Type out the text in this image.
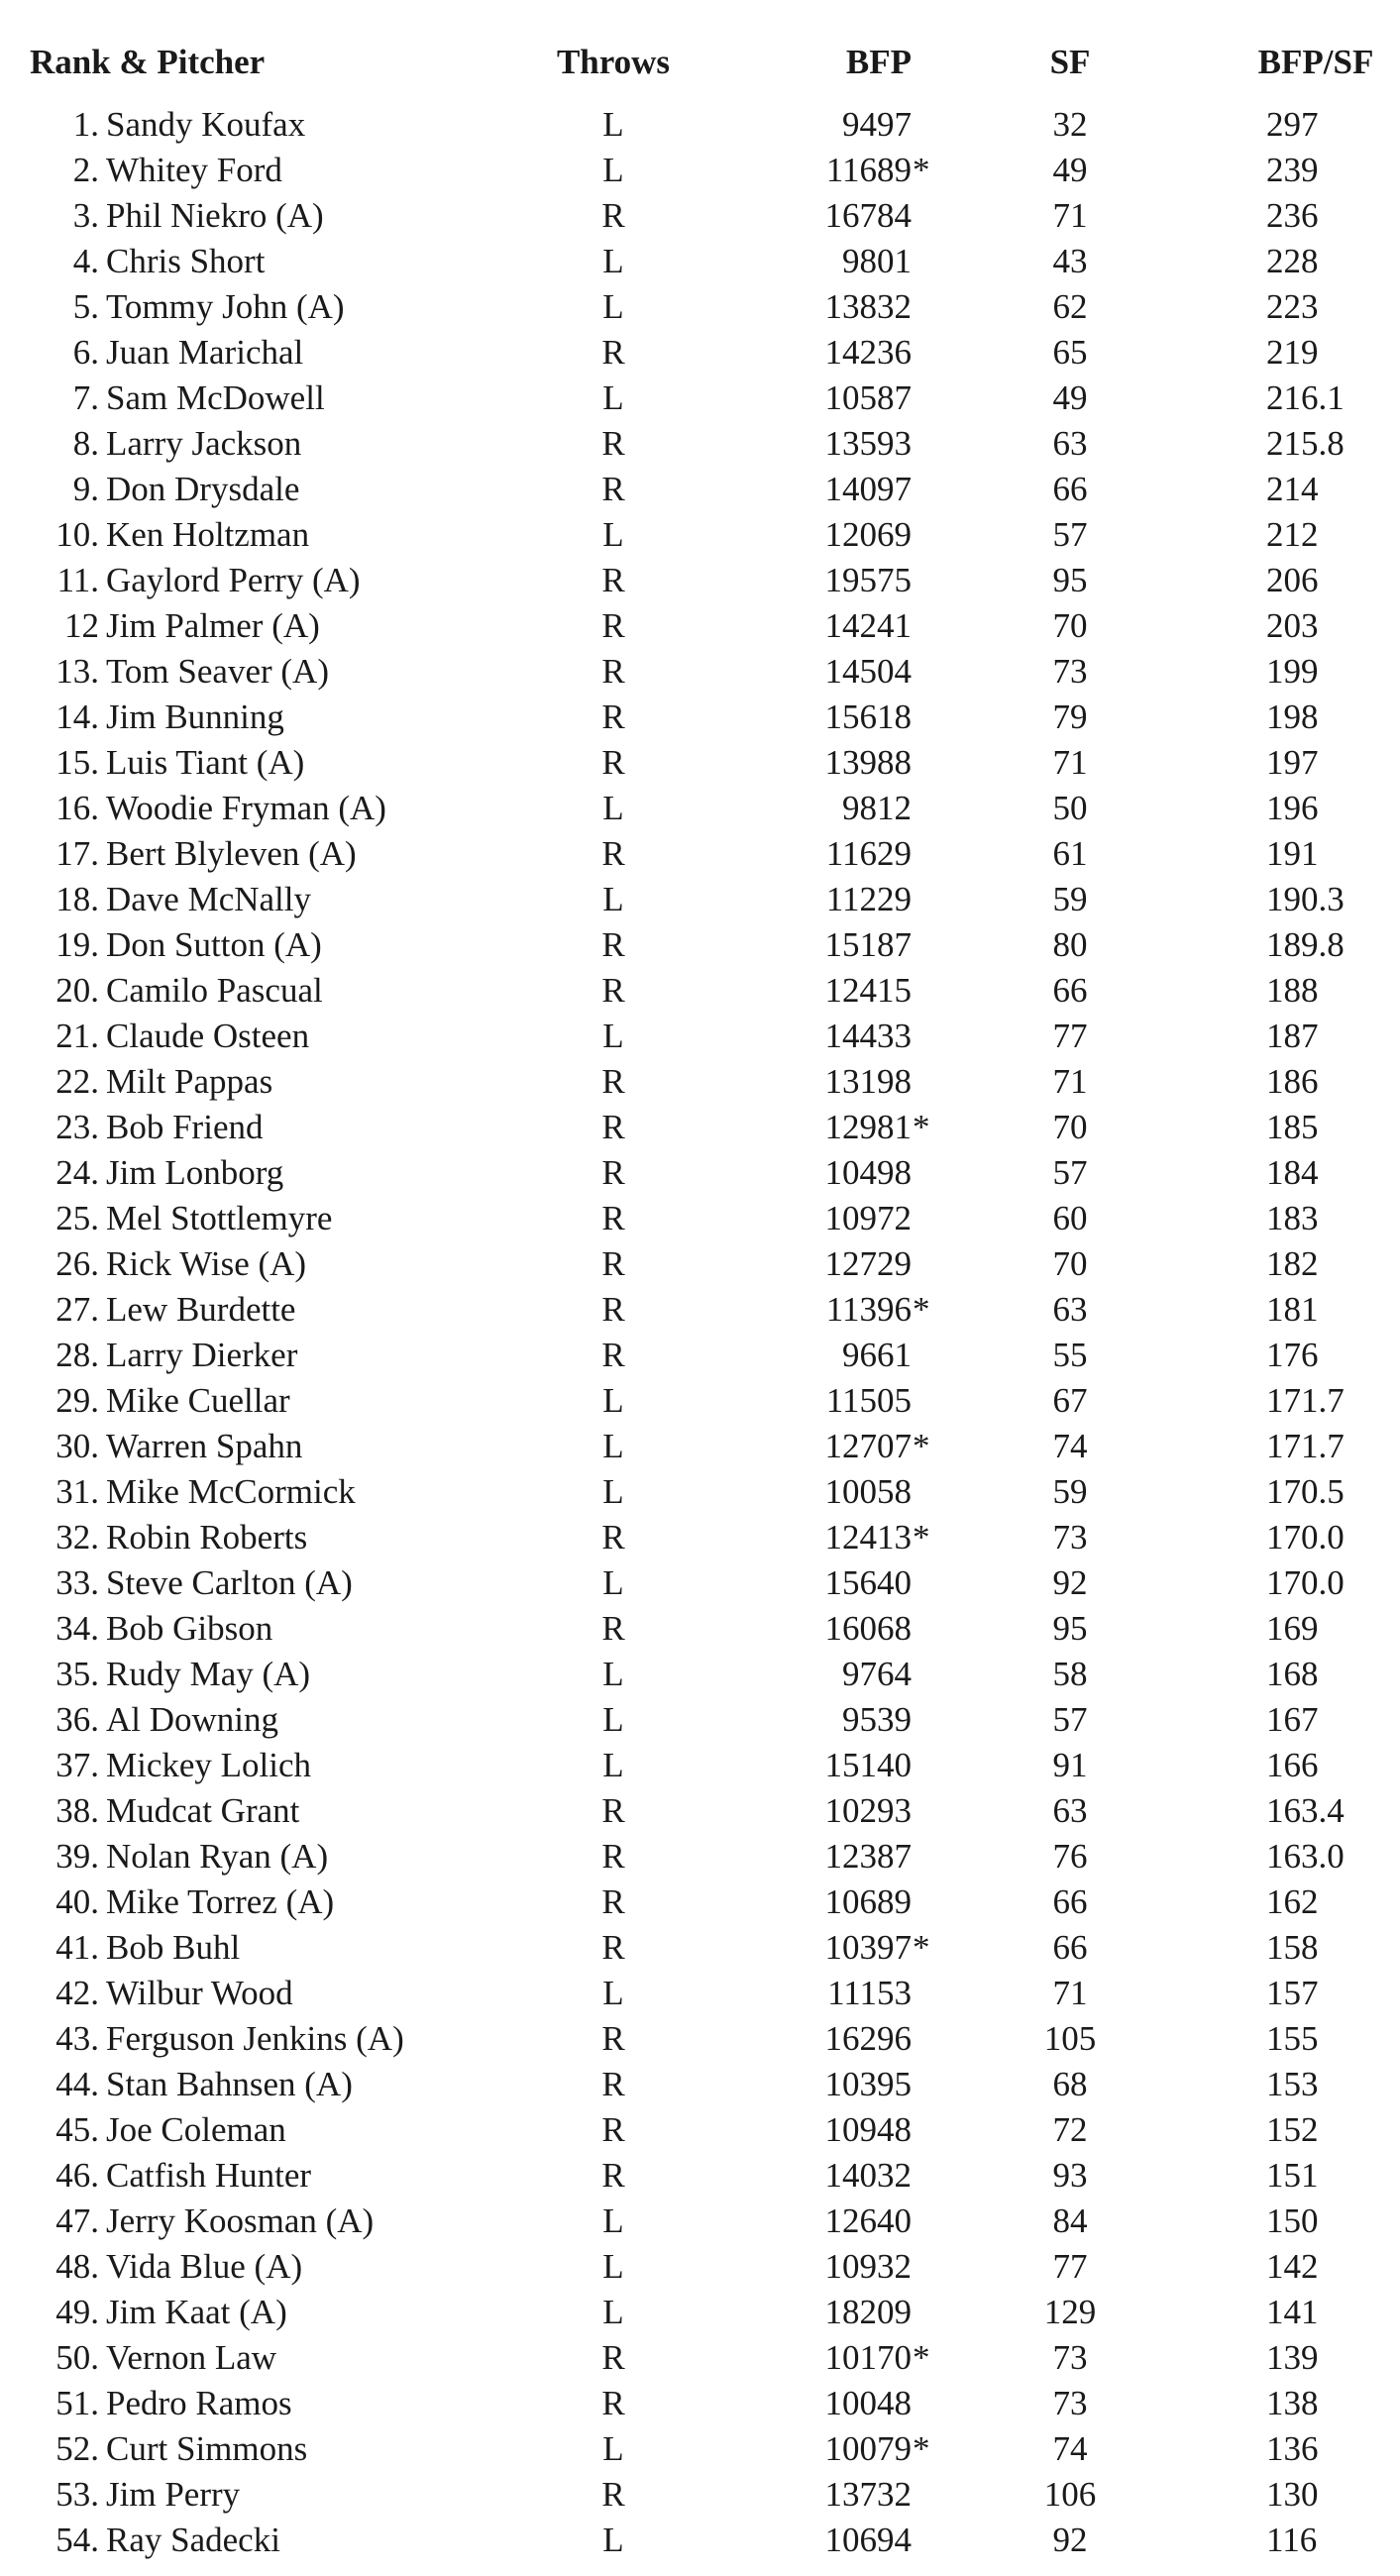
Rank & Pitcher	Throws	BFP	SF	BFP/SF
1. Sandy Koufax	L	9497	32	297
2. Whitey Ford	L	11689 *	49	239
3. Phil Niekro (A)	R	16784	71	236
4. Chris Short	L	9801	43	228
5. Tommy John (A)	L	13832	62	223
6. Juan Marichal	R	14236	65	219
7. Sam McDowell	L	10587	49	216.1
8. Larry Jackson	R	13593	63	215.8
9. Don Drysdale	R	14097	66	214
10. Ken Holtzman	L	12069	57	212
11. Gaylord Perry (A)	R	19575	95	206
12 Jim Palmer (A)	R	14241	70	203
13. Tom Seaver (A)	R	14504	73	199
14. Jim Bunning	R	15618	79	198
15. Luis Tiant (A)	R	13988	71	197
16. Woodie Fryman (A)	L	9812	50	196
17. Bert Blyleven (A)	R	11629	61	191
18. Dave McNally	L	11229	59	190.3
19. Don Sutton (A)	R	15187	80	189.8
20. Camilo Pascual	R	12415	66	188
21. Claude Osteen	L	14433	77	187
22. Milt Pappas	R	13198	71	186
23. Bob Friend	R	12981 *	70	185
24. Jim Lonborg	R	10498	57	184
25. Mel Stottlemyre	R	10972	60	183
26. Rick Wise (A)	R	12729	70	182
27. Lew Burdette	R	11396 *	63	181
28. Larry Dierker	R	9661	55	176
29. Mike Cuellar	L	11505	67	171.7
30. Warren Spahn	L	12707 *	74	171.7
31. Mike McCormick	L	10058	59	170.5
32. Robin Roberts	R	12413 *	73	170.0
33. Steve Carlton (A)	L	15640	92	170.0
34. Bob Gibson	R	16068	95	169
35. Rudy May (A)	L	9764	58	168
36. Al Downing	L	9539	57	167
37. Mickey Lolich	L	15140	91	166
38. Mudcat Grant	R	10293	63	163.4
39. Nolan Ryan (A)	R	12387	76	163.0
40. Mike Torrez (A)	R	10689	66	162
41. Bob Buhl	R	10397 *	66	158
42. Wilbur Wood	L	11153	71	157
43. Ferguson Jenkins (A)	R	16296	105	155
44. Stan Bahnsen (A)	R	10395	68	153
45. Joe Coleman	R	10948	72	152
46. Catfish Hunter	R	14032	93	151
47. Jerry Koosman (A)	L	12640	84	150
48. Vida Blue (A)	L	10932	77	142
49. Jim Kaat (A)	L	18209	129	141
50. Vernon Law	R	10170 *	73	139
51. Pedro Ramos	R	10048	73	138
52. Curt Simmons	L	10079 *	74	136
53. Jim Perry	R	13732	106	130
54. Ray Sadecki	L	10694	92	116
